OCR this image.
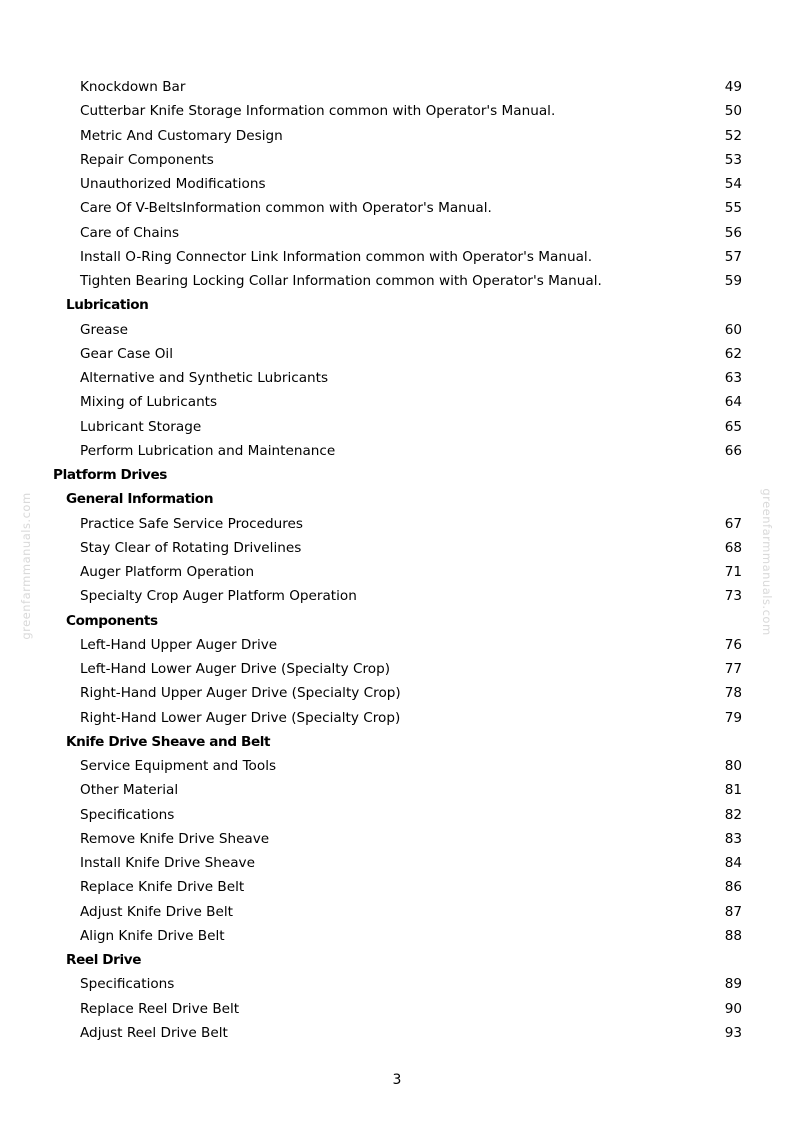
Knockdown Bar	49
Cutterbar Knife Storage Information common with Operator's Manual.	50
Metric And Customary Design	52
Repair Components	53
Unauthorized Modifications	54
Care Of V-BeltsInformation common with Operator's Manual.	55
Care of Chains	56
Install O-Ring Connector Link Information common with Operator's Manual.	57
Tighten Bearing Locking Collar Information common with Operator's Manual.	59
Lubrication
Grease	60
Gear Case Oil	62
Alternative and Synthetic Lubricants	63
Mixing of Lubricants	64
Lubricant Storage	65
Perform Lubrication and Maintenance	66
Platform Drives
General Information
Practice Safe Service Procedures	67
Stay Clear of Rotating Drivelines	68
Auger Platform Operation	71
Specialty Crop Auger Platform Operation	73
Components
Left-Hand Upper Auger Drive	76
Left-Hand Lower Auger Drive (Specialty Crop)	77
Right-Hand Upper Auger Drive (Specialty Crop)	78
Right-Hand Lower Auger Drive (Specialty Crop)	79
Knife Drive Sheave and Belt
Service Equipment and Tools	80
Other Material	81
Specifications	82
Remove Knife Drive Sheave	83
Install Knife Drive Sheave	84
Replace Knife Drive Belt	86
Adjust Knife Drive Belt	87
Align Knife Drive Belt	88
Reel Drive
Specifications	89
Replace Reel Drive Belt	90
Adjust Reel Drive Belt	93
3
greenfarmmanuals.com	greenfarmmanuals.com
